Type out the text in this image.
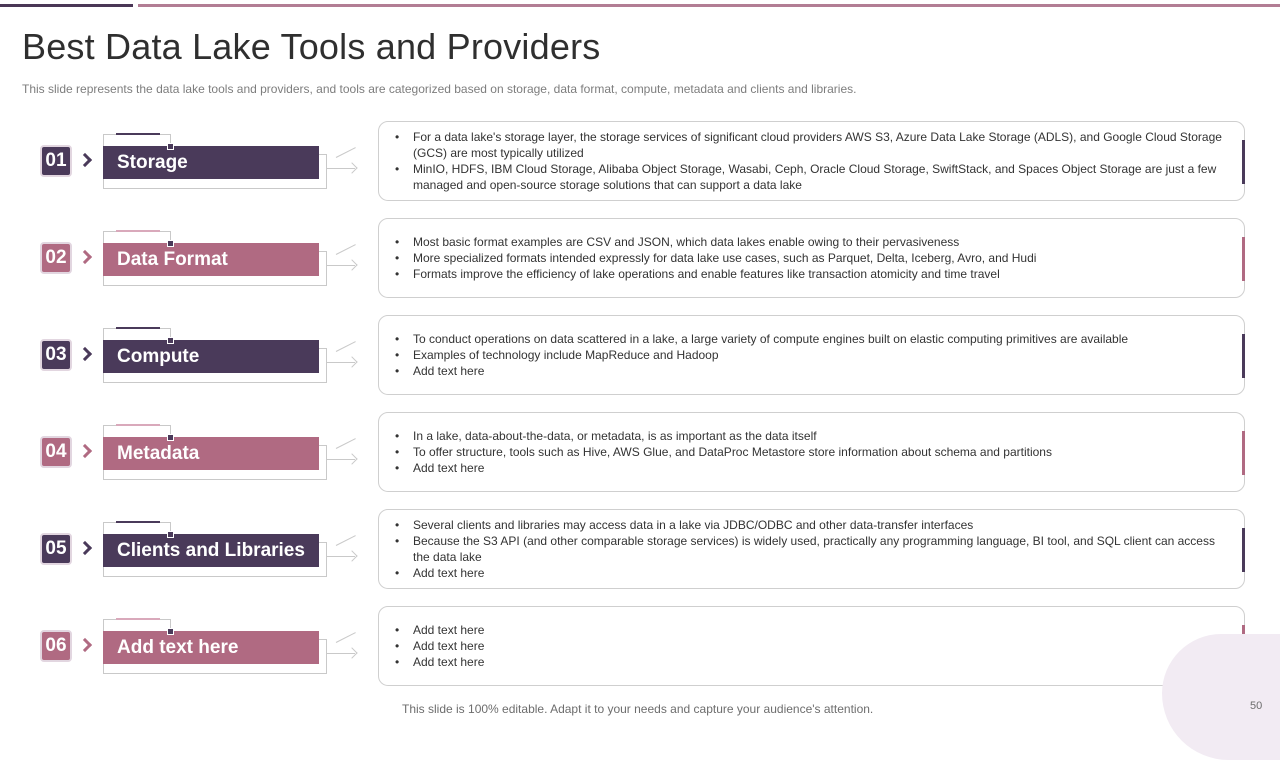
Best Data Lake Tools and Providers

This slide represents the data lake tools and providers, and tools are categorized based on storage, data format, compute, metadata and clients and libraries.

01	Storage
• For a data lake's storage layer, the storage services of significant cloud providers AWS S3, Azure Data Lake Storage (ADLS), and Google Cloud Storage (GCS) are most typically utilized
• MinIO, HDFS, IBM Cloud Storage, Alibaba Object Storage, Wasabi, Ceph, Oracle Cloud Storage, SwiftStack, and Spaces Object Storage are just a few managed and open-source storage solutions that can support a data lake
02	Data Format
• Most basic format examples are CSV and JSON, which data lakes enable owing to their pervasiveness
• More specialized formats intended expressly for data lake use cases, such as Parquet, Delta, Iceberg, Avro, and Hudi
• Formats improve the efficiency of lake operations and enable features like transaction atomicity and time travel
03	Compute
• To conduct operations on data scattered in a lake, a large variety of compute engines built on elastic computing primitives are available
• Examples of technology include MapReduce and Hadoop
• Add text here
04	Metadata
• In a lake, data-about-the-data, or metadata, is as important as the data itself
• To offer structure, tools such as Hive, AWS Glue, and DataProc Metastore store information about schema and partitions
• Add text here
05	Clients and Libraries
• Several clients and libraries may access data in a lake via JDBC/ODBC and other data-transfer interfaces
• Because the S3 API (and other comparable storage services) is widely used, practically any programming language, BI tool, and SQL client can access the data lake
• Add text here
06	Add text here
• Add text here
• Add text here
• Add text here

This slide is 100% editable. Adapt it to your needs and capture your audience's attention.	50
